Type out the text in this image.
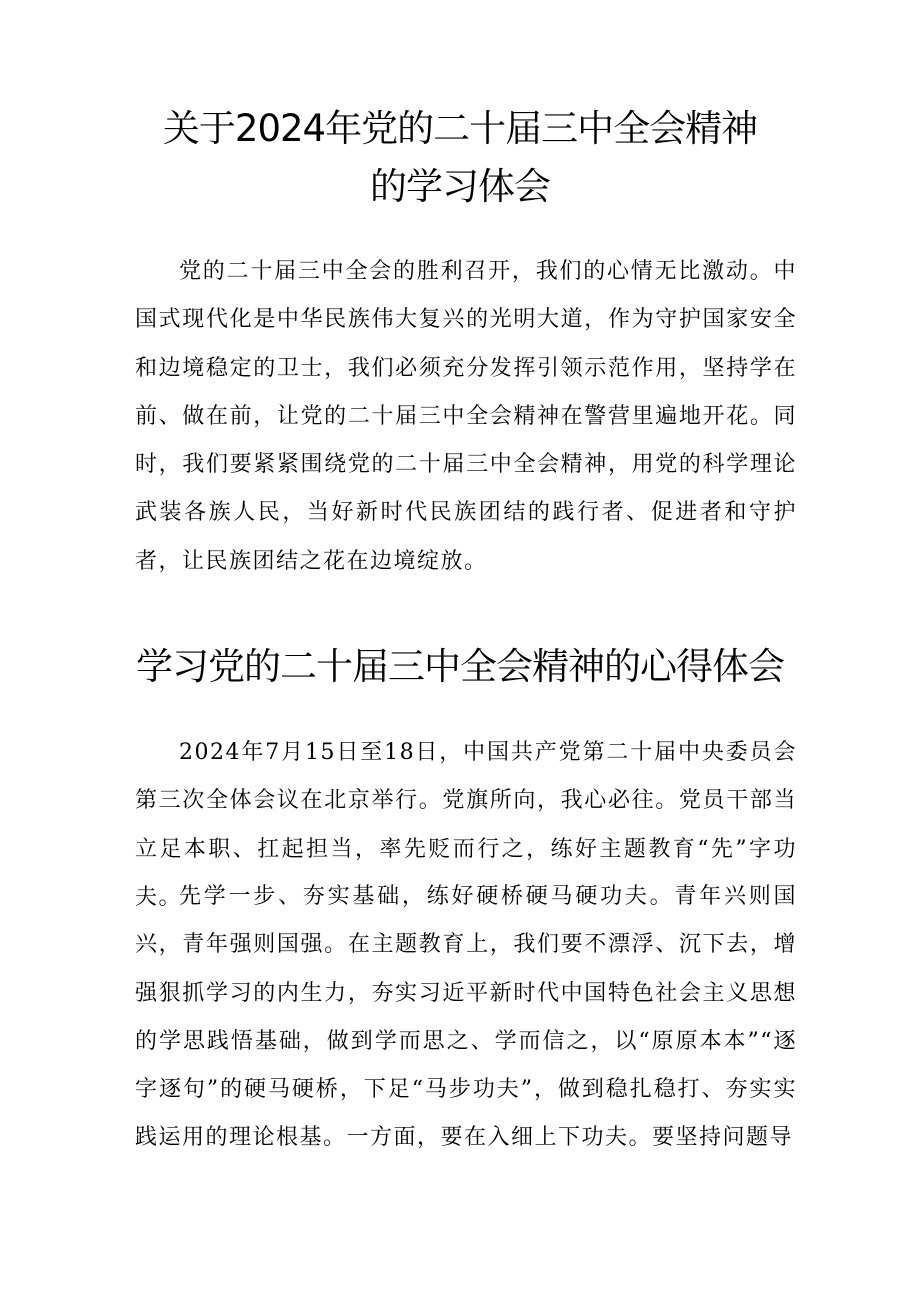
关于2024年党的二十届三中全会精神的学习体会

党的二十届三中全会的胜利召开，我们的心情无比激动。中国式现代化是中华民族伟大复兴的光明大道，作为守护国家安全和边境稳定的卫士，我们必须充分发挥引领示范作用，坚持学在前、做在前，让党的二十届三中全会精神在警营里遍地开花。同时，我们要紧紧围绕党的二十届三中全会精神，用党的科学理论武装各族人民，当好新时代民族团结的践行者、促进者和守护者，让民族团结之花在边境绽放。

学习党的二十届三中全会精神的心得体会

2024年7月15日至18日，中国共产党第二十届中央委员会第三次全体会议在北京举行。党旗所向，我心必往。党员干部当立足本职、扛起担当，率先贬而行之，练好主题教育“先”字功夫。

先学一步、夯实基础，练好硬桥硬马硬功夫。青年兴则国兴，青年强则国强。在主题教育上，我们要不漂浮、沉下去，增强狠抓学习的内生力，夯实习近平新时代中国特色社会主义思想的学思践悟基础，做到学而思之、学而信之，以“原原本本”“逐字逐句”的硬马硬桥，下足“马步功夫”，做到稳扎稳打、夯实实践运用的理论根基。一方面，要在入细上下功夫。要坚持问题导
